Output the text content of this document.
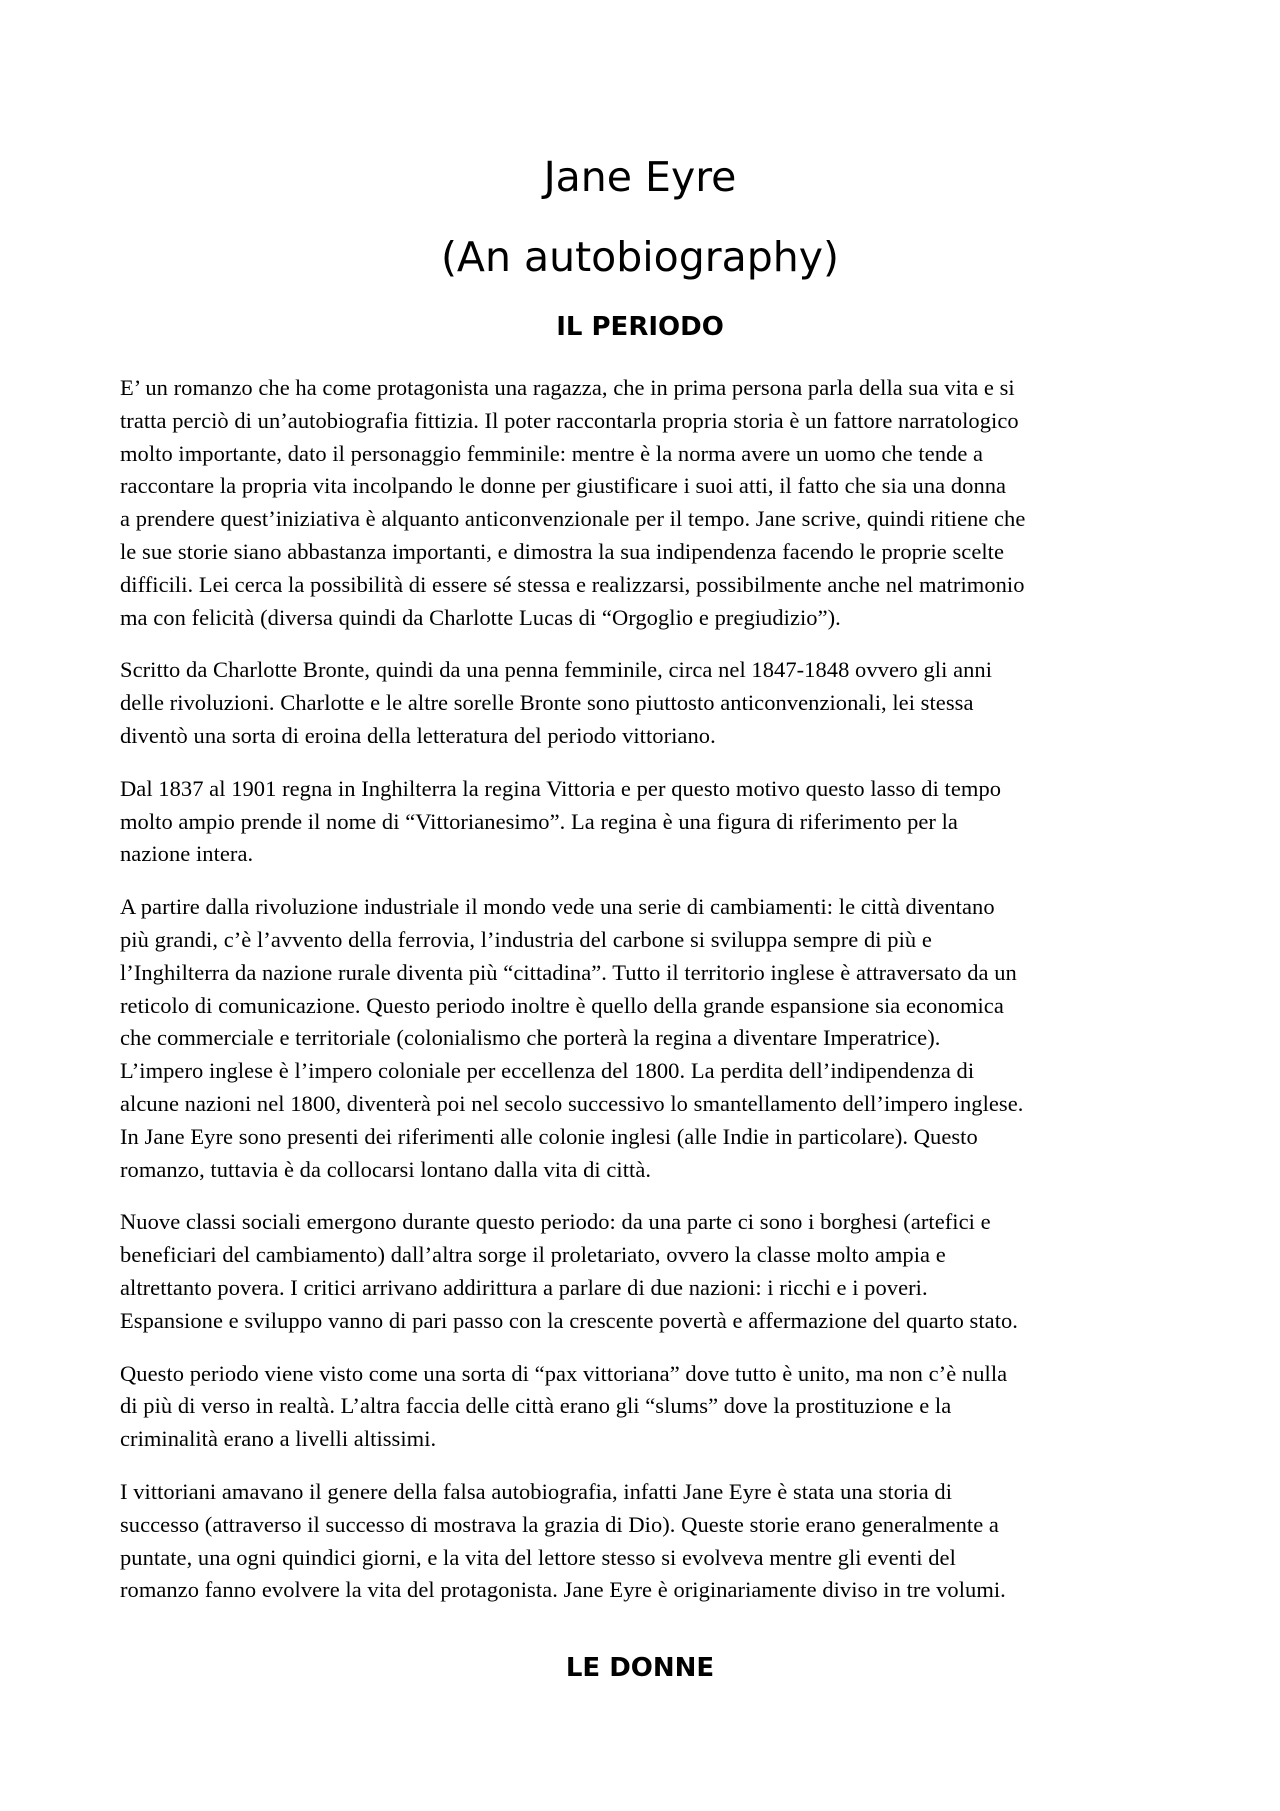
Jane Eyre
(An autobiography)
IL PERIODO

E’ un romanzo che ha come protagonista una ragazza, che in prima persona parla della sua vita e si
tratta perciò di un’autobiografia fittizia. Il poter raccontarla propria storia è un fattore narratologico
molto importante, dato il personaggio femminile: mentre è la norma avere un uomo che tende a
raccontare la propria vita incolpando le donne per giustificare i suoi atti, il fatto che sia una donna
a prendere quest’iniziativa è alquanto anticonvenzionale per il tempo. Jane scrive, quindi ritiene che
le sue storie siano abbastanza importanti, e dimostra la sua indipendenza facendo le proprie scelte
difficili. Lei cerca la possibilità di essere sé stessa e realizzarsi, possibilmente anche nel matrimonio
ma con felicità (diversa quindi da Charlotte Lucas di “Orgoglio e pregiudizio”).

Scritto da Charlotte Bronte, quindi da una penna femminile, circa nel 1847-1848 ovvero gli anni
delle rivoluzioni. Charlotte e le altre sorelle Bronte sono piuttosto anticonvenzionali, lei stessa
diventò una sorta di eroina della letteratura del periodo vittoriano.

Dal 1837 al 1901 regna in Inghilterra la regina Vittoria e per questo motivo questo lasso di tempo
molto ampio prende il nome di “Vittorianesimo”. La regina è una figura di riferimento per la
nazione intera.

A partire dalla rivoluzione industriale il mondo vede una serie di cambiamenti: le città diventano
più grandi, c’è l’avvento della ferrovia, l’industria del carbone si sviluppa sempre di più e
l’Inghilterra da nazione rurale diventa più “cittadina”. Tutto il territorio inglese è attraversato da un
reticolo di comunicazione. Questo periodo inoltre è quello della grande espansione sia economica
che commerciale e territoriale (colonialismo che porterà la regina a diventare Imperatrice).
L’impero inglese è l’impero coloniale per eccellenza del 1800. La perdita dell’indipendenza di
alcune nazioni nel 1800, diventerà poi nel secolo successivo lo smantellamento dell’impero inglese.
In Jane Eyre sono presenti dei riferimenti alle colonie inglesi (alle Indie in particolare). Questo
romanzo, tuttavia è da collocarsi lontano dalla vita di città.

Nuove classi sociali emergono durante questo periodo: da una parte ci sono i borghesi (artefici e
beneficiari del cambiamento) dall’altra sorge il proletariato, ovvero la classe molto ampia e
altrettanto povera. I critici arrivano addirittura a parlare di due nazioni: i ricchi e i poveri.
Espansione e sviluppo vanno di pari passo con la crescente povertà e affermazione del quarto stato.

Questo periodo viene visto come una sorta di “pax vittoriana” dove tutto è unito, ma non c’è nulla
di più di verso in realtà. L’altra faccia delle città erano gli “slums” dove la prostituzione e la
criminalità erano a livelli altissimi.

I vittoriani amavano il genere della falsa autobiografia, infatti Jane Eyre è stata una storia di
successo (attraverso il successo di mostrava la grazia di Dio). Queste storie erano generalmente a
puntate, una ogni quindici giorni, e la vita del lettore stesso si evolveva mentre gli eventi del
romanzo fanno evolvere la vita del protagonista. Jane Eyre è originariamente diviso in tre volumi.

LE DONNE
